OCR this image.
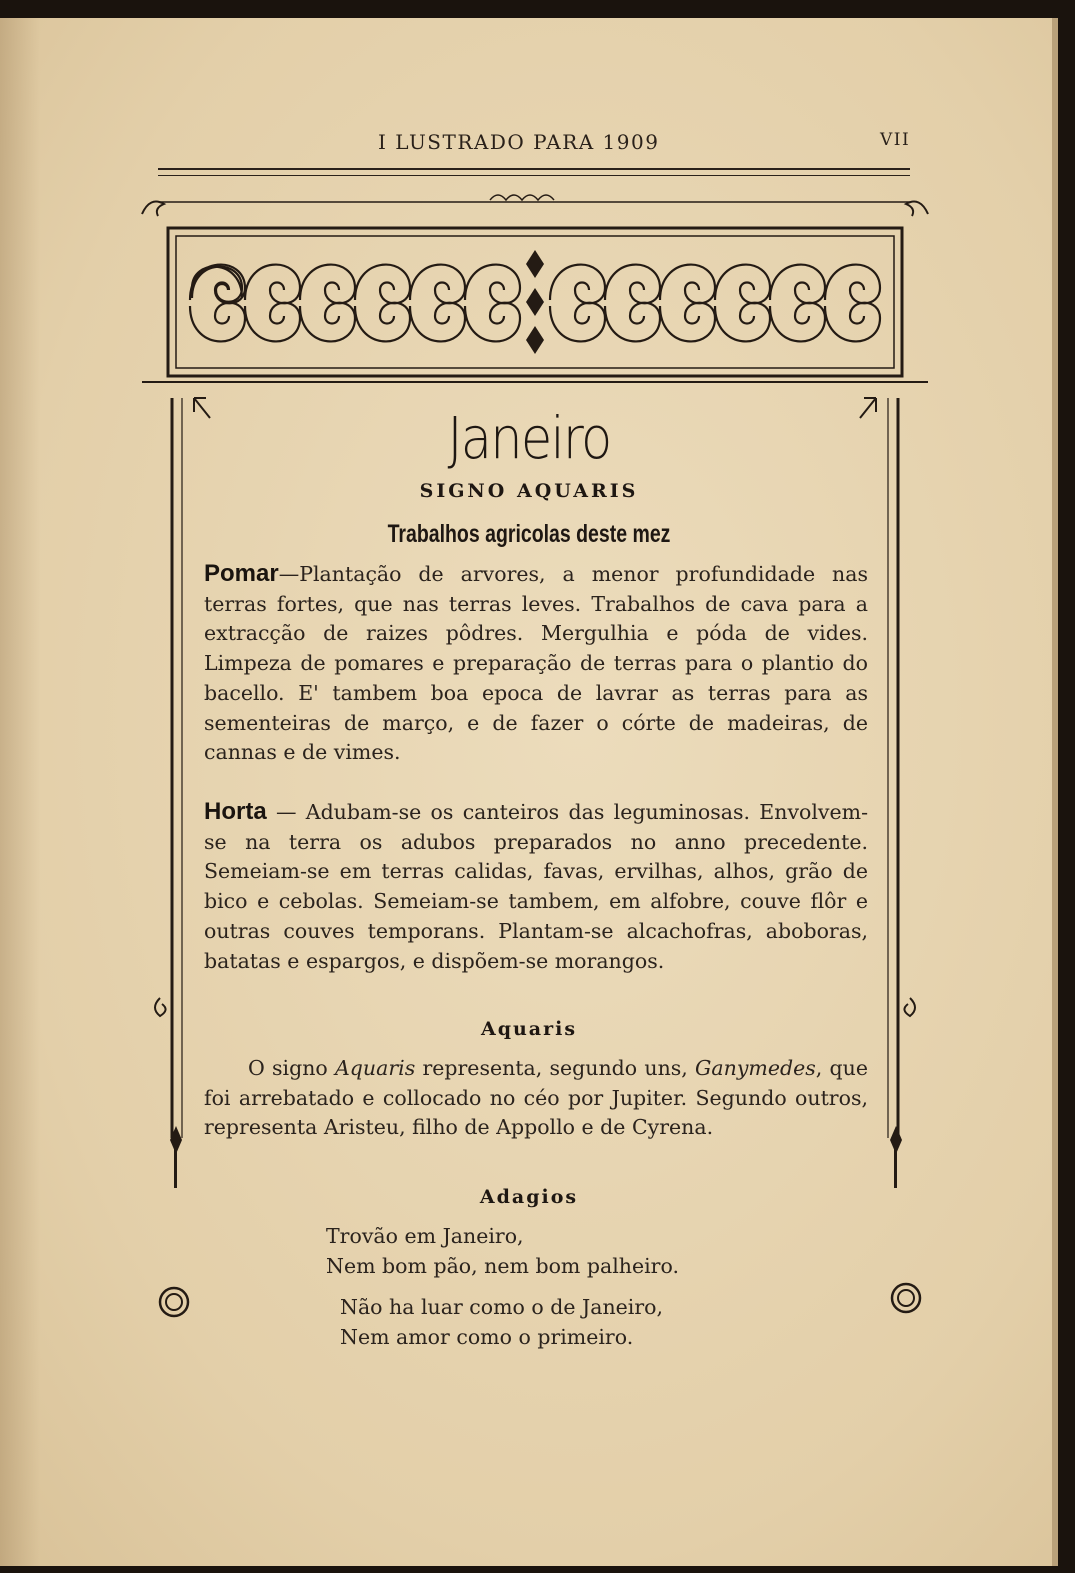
I LUSTRADO PARA 1909	VII
Janeiro
SIGNO AQUARIS
Trabalhos agricolas deste mez
Pomar—Plantação de arvores, a menor profundidade nas terras fortes, que nas terras leves. Trabalhos de cava para a extracção de raizes pôdres. Mergulhia e póda de vides. Limpeza de pomares e preparação de terras para o plantio do bacello. E' tambem boa epoca de lavrar as terras para as sementeiras de março, e de fazer o córte de madeiras, de cannas e de vimes.
Horta — Adubam-se os canteiros das leguminosas. Envolvem-se na terra os adubos preparados no anno precedente. Semeiam-se em terras calidas, favas, ervilhas, alhos, grão de bico e cebolas. Semeiam-se tambem, em alfobre, couve flôr e outras couves temporans. Plantam-se alcachofras, aboboras, batatas e espargos, e dispõem-se morangos.
Aquaris
O signo Aquaris representa, segundo uns, Ganymedes, que foi arrebatado e collocado no céo por Jupiter. Segundo outros, representa Aristeu, filho de Appollo e de Cyrena.
Adagios
Trovão em Janeiro,
Nem bom pão, nem bom palheiro.
Não ha luar como o de Janeiro,
Nem amor como o primeiro.
